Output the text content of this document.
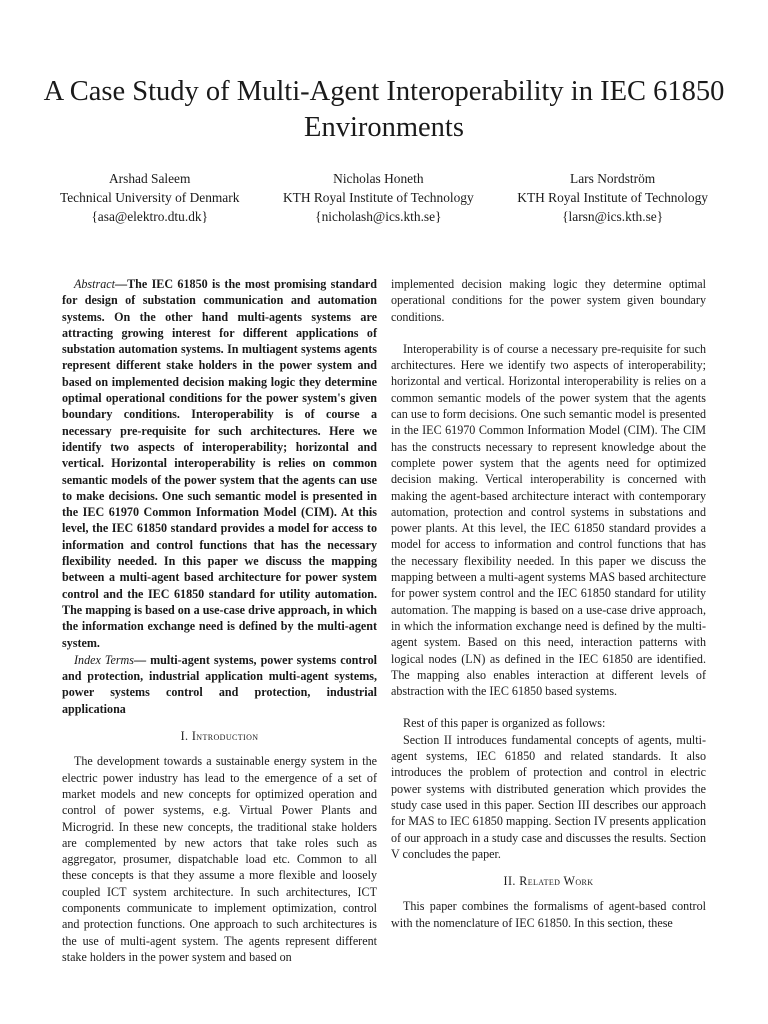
A Case Study of Multi-Agent Interoperability in IEC 61850 Environments
Arshad Saleem
Technical University of Denmark
{asa@elektro.dtu.dk}
Nicholas Honeth
KTH Royal Institute of Technology
{nicholash@ics.kth.se}
Lars Nordström
KTH Royal Institute of Technology
{larsn@ics.kth.se}

Abstract—The IEC 61850 is the most promising standard for design of substation communication and automation systems. On the other hand multi-agents systems are attracting growing interest for different applications of substation automation systems. In multiagent systems agents represent different stake holders in the power system and based on implemented decision making logic they determine optimal operational conditions for the power system's given boundary conditions. Interoperability is of course a necessary pre-requisite for such architectures. Here we identify two aspects of interoperability; horizontal and vertical. Horizontal interoperability is relies on common semantic models of the power system that the agents can use to make decisions. One such semantic model is presented in the IEC 61970 Common Information Model (CIM). At this level, the IEC 61850 standard provides a model for access to information and control functions that has the necessary flexibility needed. In this paper we discuss the mapping between a multi-agent based architecture for power system control and the IEC 61850 standard for utility automation. The mapping is based on a use-case drive approach, in which the information exchange need is defined by the multi-agent system.

Index Terms— multi-agent systems, power systems control and protection, industrial application multi-agent systems, power systems control and protection, industrial applicationa

I. Introduction

The development towards a sustainable energy system in the electric power industry has lead to the emergence of a set of market models and new concepts for optimized operation and control of power systems, e.g. Virtual Power Plants and Microgrid. In these new concepts, the traditional stake holders are complemented by new actors that take roles such as aggregator, prosumer, dispatchable load etc. Common to all these concepts is that they assume a more flexible and loosely coupled ICT system architecture. In such architectures, ICT components communicate to implement optimization, control and protection functions. One approach to such architectures is the use of multi-agent system. The agents represent different stake holders in the power system and based on

implemented decision making logic they determine optimal operational conditions for the power system given boundary conditions.

Interoperability is of course a necessary pre-requisite for such architectures. Here we identify two aspects of interoperability; horizontal and vertical. Horizontal interoperability is relies on a common semantic models of the power system that the agents can use to form decisions. One such semantic model is presented in the IEC 61970 Common Information Model (CIM). The CIM has the constructs necessary to represent knowledge about the complete power system that the agents need for optimized decision making. Vertical interoperability is concerned with making the agent-based architecture interact with contemporary automation, protection and control systems in substations and power plants. At this level, the IEC 61850 standard provides a model for access to information and control functions that has the necessary flexibility needed. In this paper we discuss the mapping between a multi-agent systems MAS based architecture for power system control and the IEC 61850 standard for utility automation. The mapping is based on a use-case drive approach, in which the information exchange need is defined by the multi-agent system. Based on this need, interaction patterns with logical nodes (LN) as defined in the IEC 61850 are identified. The mapping also enables interaction at different levels of abstraction with the IEC 61850 based systems.

Rest of this paper is organized as follows:

Section II introduces fundamental concepts of agents, multi-agent systems, IEC 61850 and related standards. It also introduces the problem of protection and control in electric power systems with distributed generation which provides the study case used in this paper. Section III describes our approach for MAS to IEC 61850 mapping. Section IV presents application of our approach in a study case and discusses the results. Section V concludes the paper.

II. Related Work

This paper combines the formalisms of agent-based control with the nomenclature of IEC 61850. In this section, these
